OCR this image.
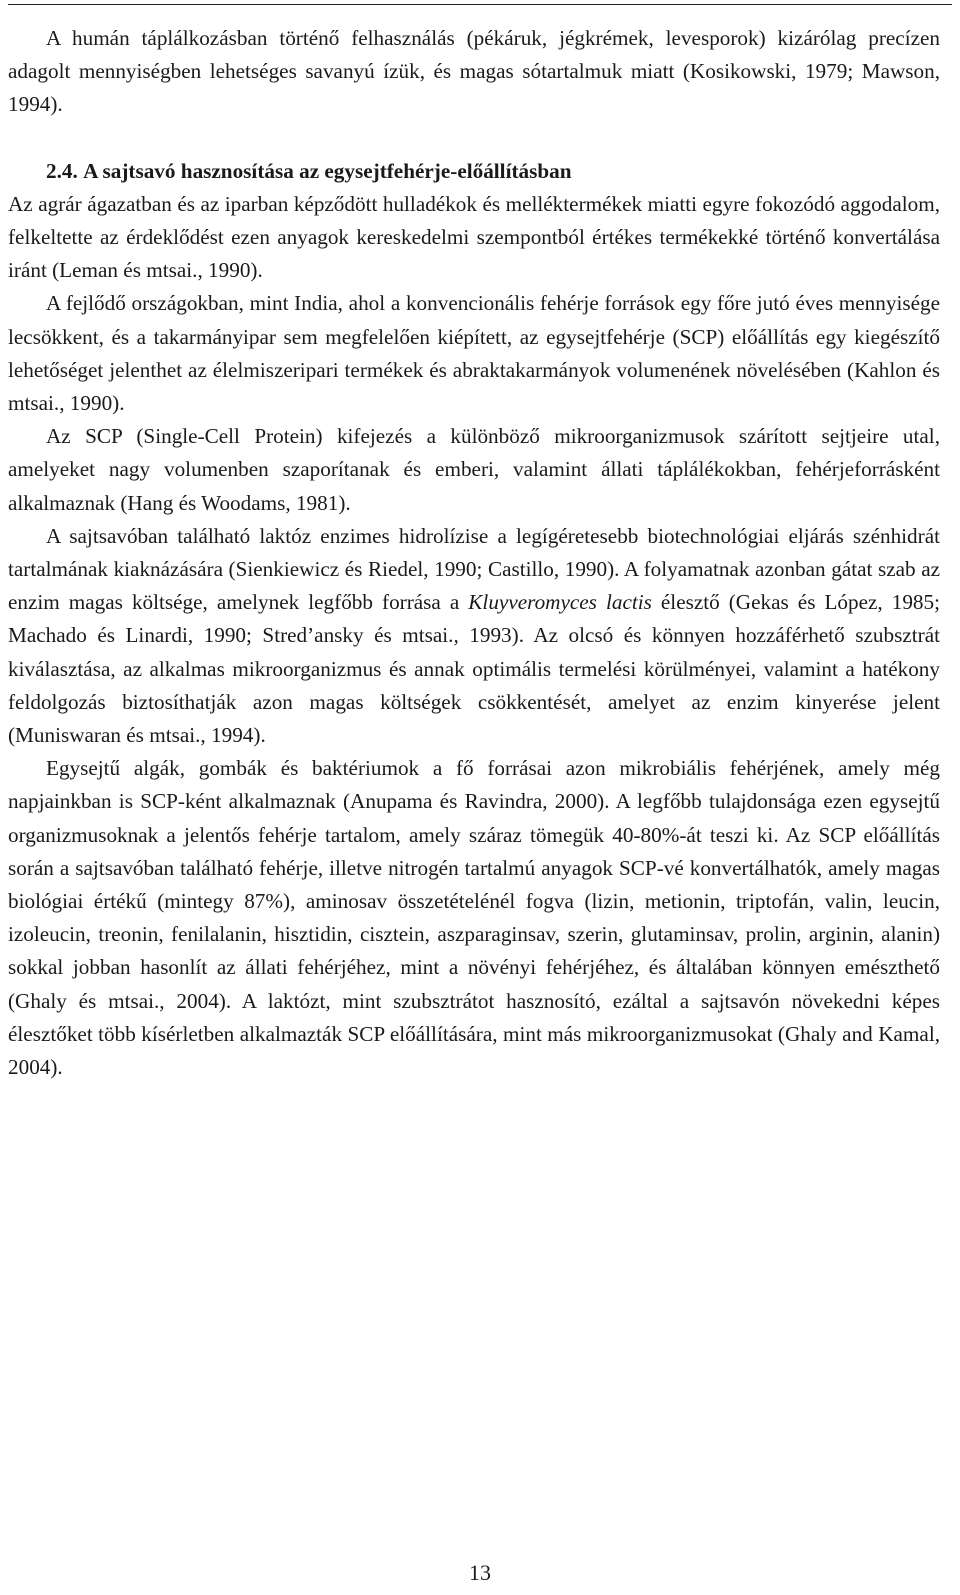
A humán táplálkozásban történő felhasználás (pékáruk, jégkrémek, levesporok) kizárólag precízen adagolt mennyiségben lehetséges savanyú ízük, és magas sótartalmuk miatt (Kosikowski, 1979; Mawson, 1994).

2.4. A sajtsavó hasznosítása az egysejtfehérje-előállításban

Az agrár ágazatban és az iparban képződött hulladékok és melléktermékek miatti egyre fokozódó aggodalom, felkeltette az érdeklődést ezen anyagok kereskedelmi szempontból értékes termékekké történő konvertálása iránt (Leman és mtsai., 1990).

A fejlődő országokban, mint India, ahol a konvencionális fehérje források egy főre jutó éves mennyisége lecsökkent, és a takarmányipar sem megfelelően kiépített, az egysejtfehérje (SCP) előállítás egy kiegészítő lehetőséget jelenthet az élelmiszeripari termékek és abraktakarmányok volumenének növelésében (Kahlon és mtsai., 1990).

Az SCP (Single-Cell Protein) kifejezés a különböző mikroorganizmusok szárított sejtjeire utal, amelyeket nagy volumenben szaporítanak és emberi, valamint állati táplálékokban, fehérjeforrásként alkalmaznak (Hang és Woodams, 1981).

A sajtsavóban található laktóz enzimes hidrolízise a legígéretesebb biotechnológiai eljárás szénhidrát tartalmának kiaknázására (Sienkiewicz és Riedel, 1990; Castillo, 1990). A folyamatnak azonban gátat szab az enzim magas költsége, amelynek legfőbb forrása a Kluyveromyces lactis élesztő (Gekas és López, 1985; Machado és Linardi, 1990; Stred’ansky és mtsai., 1993). Az olcsó és könnyen hozzáférhető szubsztrát kiválasztása, az alkalmas mikroorganizmus és annak optimális termelési körülményei, valamint a hatékony feldolgozás biztosíthatják azon magas költségek csökkentését, amelyet az enzim kinyerése jelent (Muniswaran és mtsai., 1994).

Egysejtű algák, gombák és baktériumok a fő forrásai azon mikrobiális fehérjének, amely még napjainkban is SCP-ként alkalmaznak (Anupama és Ravindra, 2000). A legfőbb tulajdonsága ezen egysejtű organizmusoknak a jelentős fehérje tartalom, amely száraz tömegük 40-80%-át teszi ki. Az SCP előállítás során a sajtsavóban található fehérje, illetve nitrogén tartalmú anyagok SCP-vé konvertálhatók, amely magas biológiai értékű (mintegy 87%), aminosav összetételénél fogva (lizin, metionin, triptofán, valin, leucin, izoleucin, treonin, fenilalanin, hisztidin, cisztein, aszparaginsav, szerin, glutaminsav, prolin, arginin, alanin) sokkal jobban hasonlít az állati fehérjéhez, mint a növényi fehérjéhez, és általában könnyen emészthető (Ghaly és mtsai., 2004). A laktózt, mint szubsztrátot hasznosító, ezáltal a sajtsavón növekedni képes élesztőket több kísérletben alkalmazták SCP előállítására, mint más mikroorganizmusokat (Ghaly and Kamal, 2004).

13
